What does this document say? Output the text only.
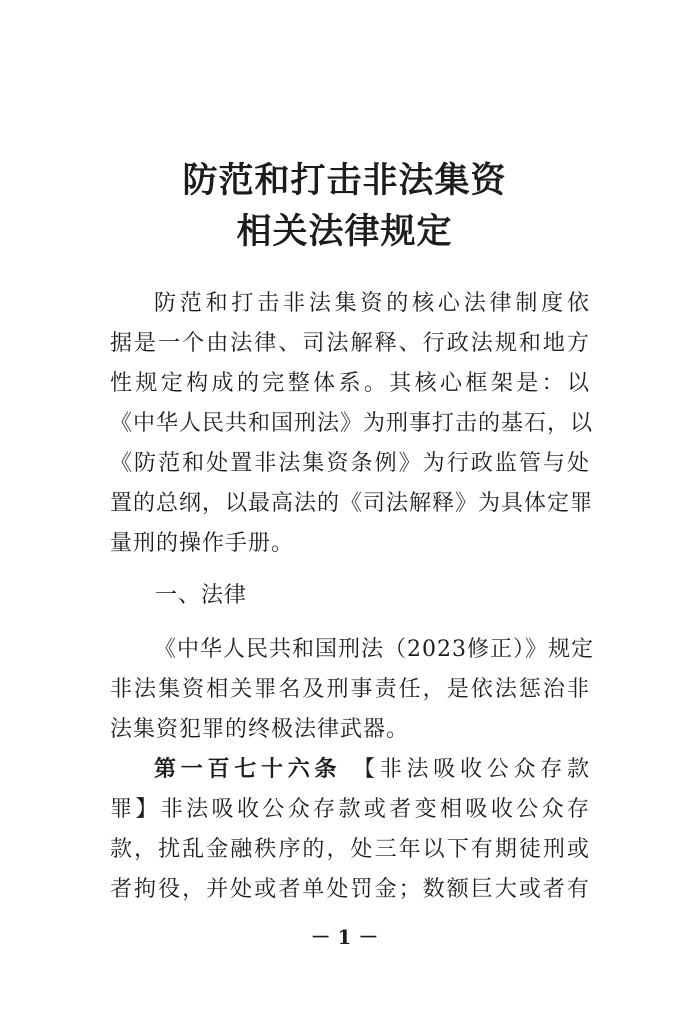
防范和打击非法集资
相关法律规定
防范和打击非法集资的核心法律制度依
据是一个由法律、司法解释、行政法规和地方
性规定构成的完整体系。其核心框架是：以
《中华人民共和国刑法》为刑事打击的基石，以
《防范和处置非法集资条例》为行政监管与处
置的总纲，以最高法的《司法解释》为具体定罪
量刑的操作手册。
一、法律
《中华人民共和国刑法（2023修正）》规定
非法集资相关罪名及刑事责任，是依法惩治非
法集资犯罪的终极法律武器。
第一百七十六条 【非法吸收公众存款
罪】非法吸收公众存款或者变相吸收公众存
款，扰乱金融秩序的，处三年以下有期徒刑或
者拘役，并处或者单处罚金；数额巨大或者有
－ 1 －
